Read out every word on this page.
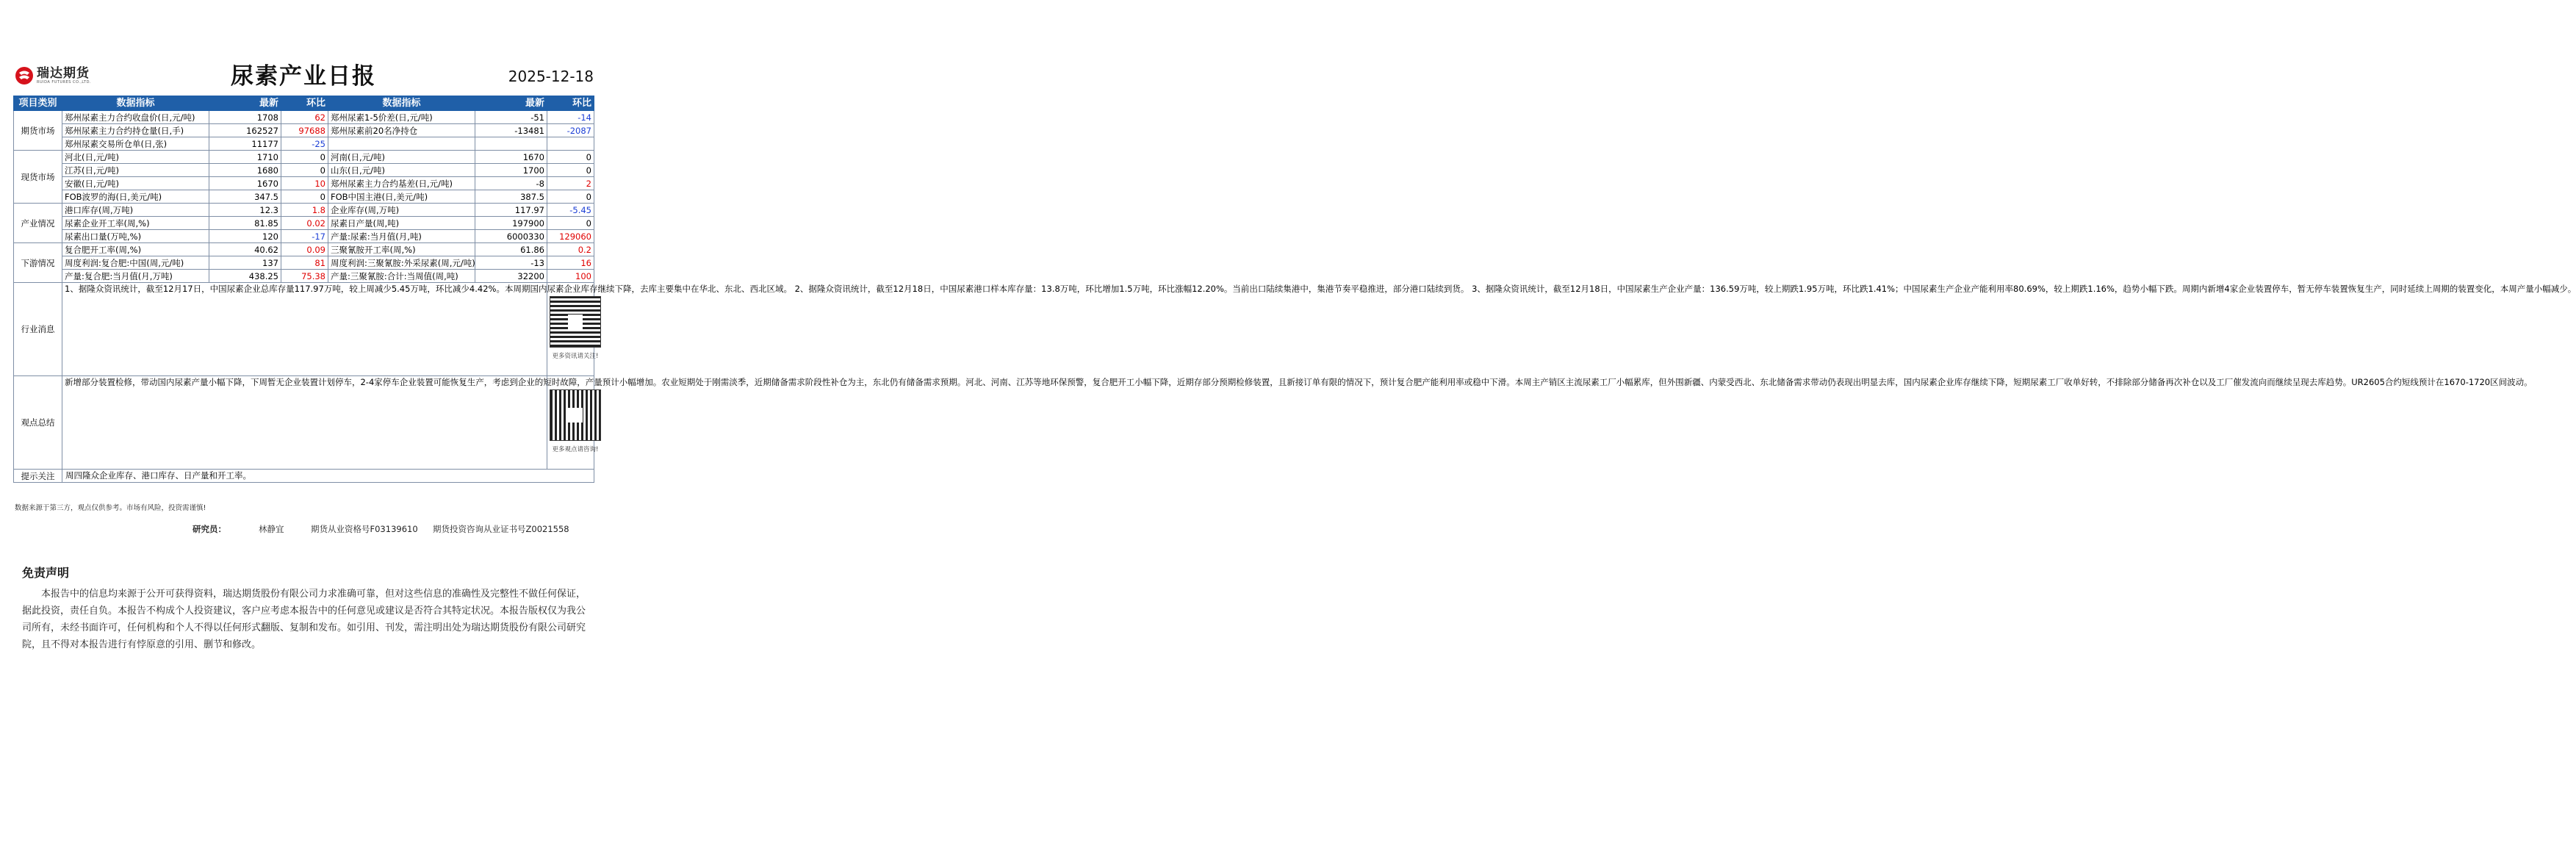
瑞达期货
RUIDA FUTURES CO.,LTD.	尿素产业日报	2025-12-18
项目类别	数据指标	最新	环比	数据指标	最新	环比
期货市场	郑州尿素主力合约收盘价(日,元/吨)	1708	62	郑州尿素1-5价差(日,元/吨)	-51	-14
	郑州尿素主力合约持仓量(日,手)	162527	97688	郑州尿素前20名净持仓	-13481	-2087
	郑州尿素交易所仓单(日,张)	11177	-25			
现货市场	河北(日,元/吨)	1710	0	河南(日,元/吨)	1670	0
	江苏(日,元/吨)	1680	0	山东(日,元/吨)	1700	0
	安徽(日,元/吨)	1670	10	郑州尿素主力合约基差(日,元/吨)	-8	2
	FOB波罗的海(日,美元/吨)	347.5	0	FOB中国主港(日,美元/吨)	387.5	0
产业情况	港口库存(周,万吨)	12.3	1.8	企业库存(周,万吨)	117.97	-5.45
	尿素企业开工率(周,%)	81.85	0.02	尿素日产量(周,吨)	197900	0
	尿素出口量(万吨,%)	120	-17	产量:尿素:当月值(月,吨)	6000330	129060
下游情况	复合肥开工率(周,%)	40.62	0.09	三聚氰胺开工率(周,%)	61.86	0.2
	周度利润:复合肥:中国(周,元/吨)	137	81	周度利润:三聚氰胺:外采尿素(周,元/吨)	-13	16
	产量:复合肥:当月值(月,万吨)	438.25	75.38	产量:三聚氰胺:合计:当周值(周,吨)	32200	100
行业消息	1、据隆众资讯统计，截至12月17日，中国尿素企业总库存量117.97万吨，较上周减少5.45万吨，环比减少4.42%。本周期国内尿素企业库存继续下降，去库主要集中在华北、东北、西北区域。 2、据隆众资讯统计，截至12月18日，中国尿素港口样本库存量：13.8万吨，环比增加1.5万吨，环比涨幅12.20%。当前出口陆续集港中，集港节奏平稳推进，部分港口陆续到货。 3、据隆众资讯统计，截至12月18日，中国尿素生产企业产量：136.59万吨，较上期跌1.95万吨，环比跌1.41%；中国尿素生产企业产能利用率80.69%，较上期跌1.16%，趋势小幅下跌。周期内新增4家企业装置停车，暂无停车装置恢复生产，同时延续上周期的装置变化，本周产量小幅减少。					更多资讯请关注!

观点总结	新增部分装置检修，带动国内尿素产量小幅下降，下周暂无企业装置计划停车，2-4家停车企业装置可能恢复生产，考虑到企业的短时故障，产量预计小幅增加。农业短期处于刚需淡季，近期储备需求阶段性补仓为主，东北仍有储备需求预期。河北、河南、江苏等地环保预警，复合肥开工小幅下降，近期存部分预期检修装置，且新接订单有限的情况下，预计复合肥产能利用率或稳中下滑。本周主产销区主流尿素工厂小幅累库，但外围新疆、内蒙受西北、东北储备需求带动仍表现出明显去库，国内尿素企业库存继续下降，短期尿素工厂收单好转，不排除部分储备再次补仓以及工厂催发流向而继续呈现去库趋势。UR2605合约短线预计在1670-1720区间波动。					更多观点请咨询!

提示关注	周四隆众企业库存、港口库存、日产量和开工率。					
数据来源于第三方，观点仅供参考。市场有风险，投资需谨慎!
研究员：	林静宜	期货从业资格号F03139610 期货投资咨询从业证书号Z0021558
免责声明
本报告中的信息均来源于公开可获得资料，瑞达期货股份有限公司力求准确可靠，但对这些信息的准确性及完整性不做任何保证，据此投资，责任自负。本报告不构成个人投资建议，客户应考虑本报告中的任何意见或建议是否符合其特定状况。本报告版权仅为我公司所有，未经书面许可，任何机构和个人不得以任何形式翻版、复制和发布。如引用、刊发，需注明出处为瑞达期货股份有限公司研究院，且不得对本报告进行有悖原意的引用、删节和修改。
